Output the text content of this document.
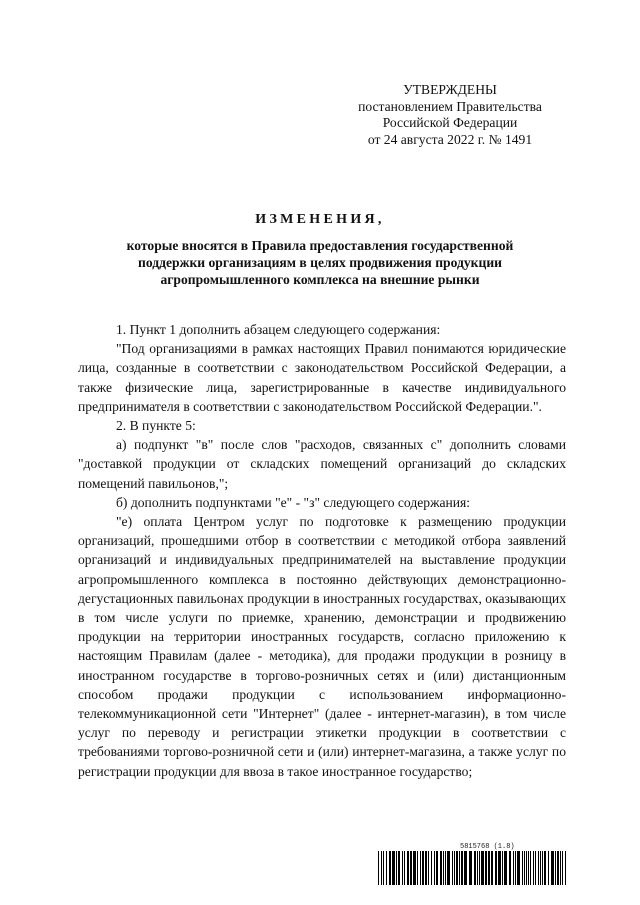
УТВЕРЖДЕНЫ
постановлением Правительства
Российской Федерации
от 24 августа 2022 г. № 1491
ИЗМЕНЕНИЯ,
которые вносятся в Правила предоставления государственной
поддержки организациям в целях продвижения продукции
агропромышленного комплекса на внешние рынки

1. Пункт 1 дополнить абзацем следующего содержания:

"Под организациями в рамках настоящих Правил понимаются юридические лица, созданные в соответствии с законодательством Российской Федерации, а также физические лица, зарегистрированные в качестве индивидуального предпринимателя в соответствии с законодательством Российской Федерации.".

2. В пункте 5:

а) подпункт "в" после слов "расходов, связанных с" дополнить словами "доставкой продукции от складских помещений организаций до складских помещений павильонов,";

б) дополнить подпунктами "е" - "з" следующего содержания:

"е) оплата Центром услуг по подготовке к размещению продукции организаций, прошедшими отбор в соответствии с методикой отбора заявлений организаций и индивидуальных предпринимателей на выставление продукции агропромышленного комплекса в постоянно действующих демонстрационно-дегустационных павильонах продукции в иностранных государствах, оказывающих в том числе услуги по приемке, хранению, демонстрации и продвижению продукции на территории иностранных государств, согласно приложению к настоящим Правилам (далее - методика), для продажи продукции в розницу в иностранном государстве в торгово-розничных сетях и (или) дистанционным способом продажи продукции с использованием информационно-телекоммуникационной сети "Интернет" (далее - интернет-магазин), в том числе услуг по переводу и регистрации этикетки продукции в соответствии с требованиями торгово-розничной сети и (или) интернет-магазина, а также услуг по регистрации продукции для ввоза в такое иностранное государство;

5815768 (1.8)
